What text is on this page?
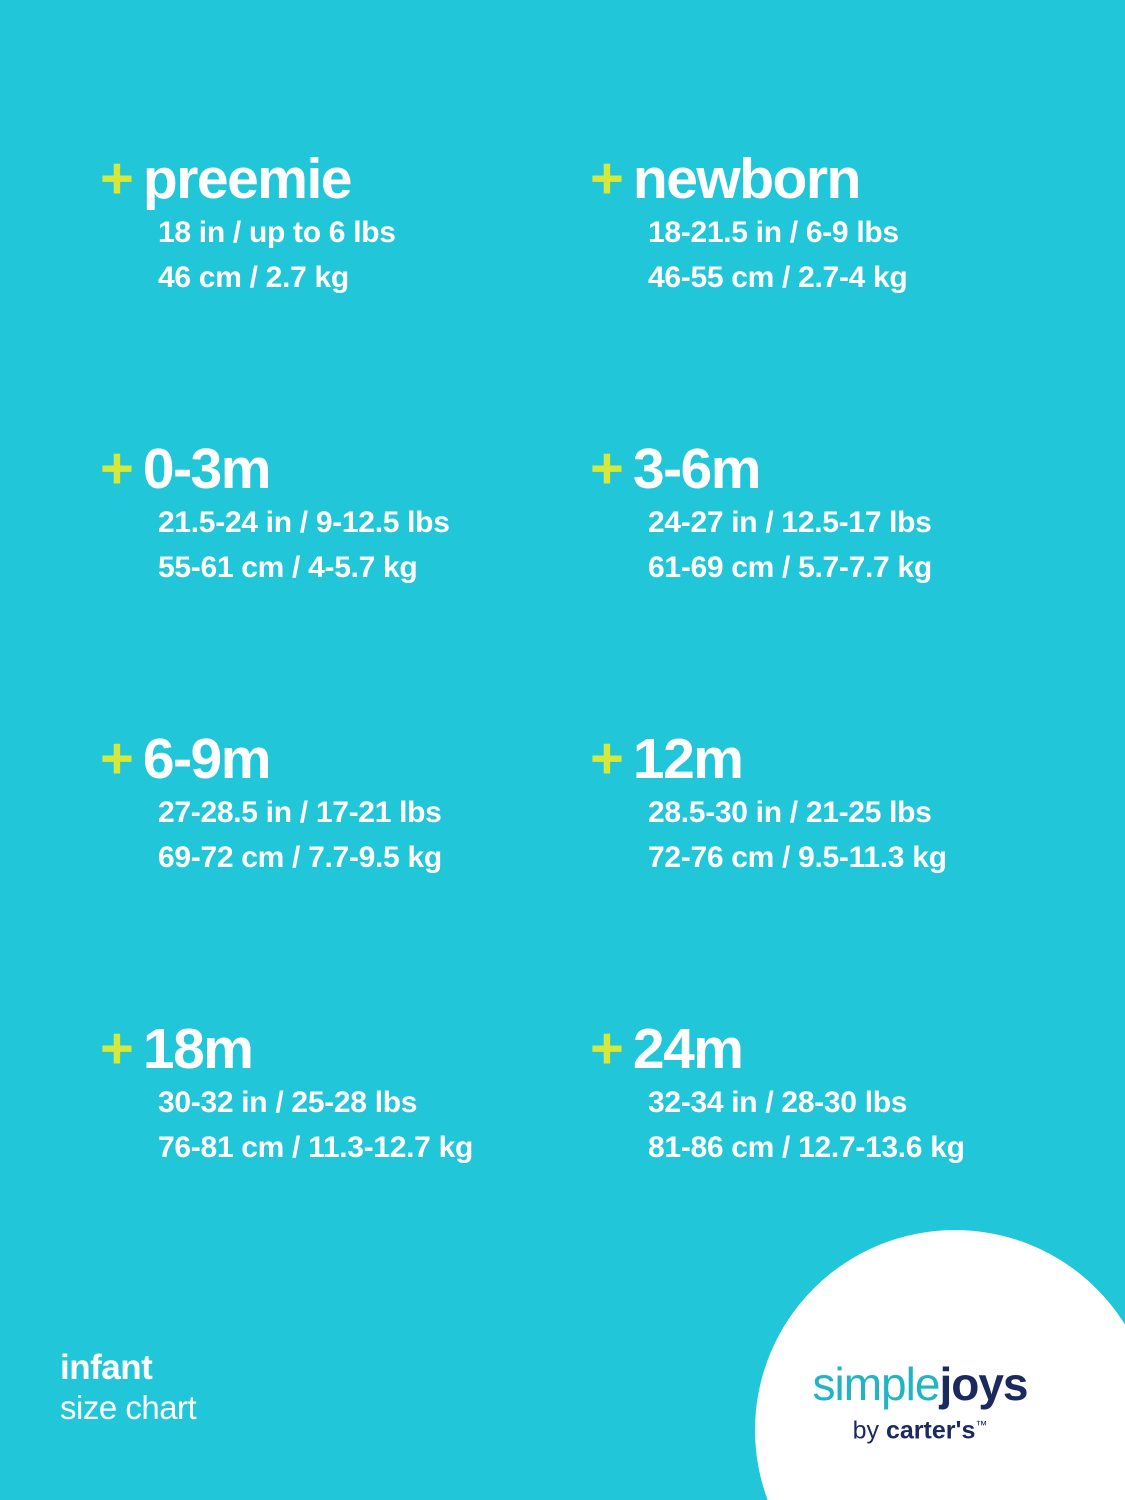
+ preemie
18 in / up to 6 lbs
46 cm / 2.7 kg
+ newborn
18-21.5 in / 6-9 lbs
46-55 cm / 2.7-4 kg
+ 0-3m
21.5-24 in / 9-12.5 lbs
55-61 cm / 4-5.7 kg
+ 3-6m
24-27 in / 12.5-17 lbs
61-69 cm / 5.7-7.7 kg
+ 6-9m
27-28.5 in / 17-21 lbs
69-72 cm / 7.7-9.5 kg
+ 12m
28.5-30 in / 21-25 lbs
72-76 cm / 9.5-11.3 kg
+ 18m
30-32 in / 25-28 lbs
76-81 cm / 11.3-12.7 kg
+ 24m
32-34 in / 28-30 lbs
81-86 cm / 12.7-13.6 kg
infant
size chart	simplejoys
by carter's™
